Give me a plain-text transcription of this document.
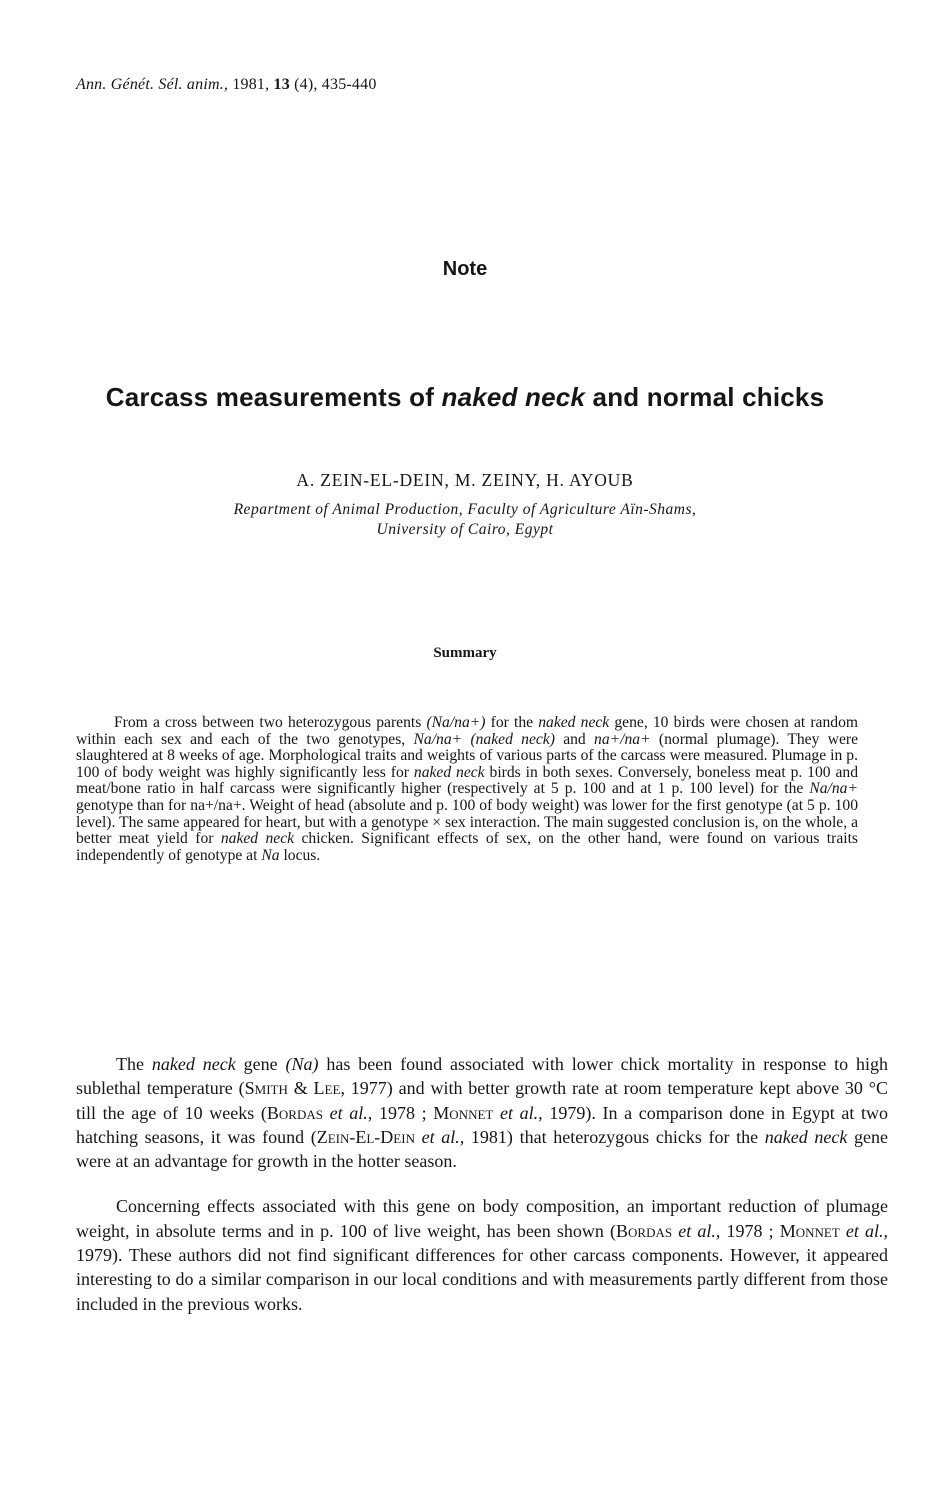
Ann. Génét. Sél. anim., 1981, 13 (4), 435-440
Note
Carcass measurements of naked neck and normal chicks
A. ZEIN-EL-DEIN, M. ZEINY, H. AYOUB
Repartment of Animal Production, Faculty of Agriculture Aïn-Shams,
University of Cairo, Egypt
Summary

From a cross between two heterozygous parents (Na/na+) for the naked neck gene, 10 birds were chosen at random within each sex and each of the two genotypes, Na/na+ (naked neck) and na+/na+ (normal plumage). They were slaughtered at 8 weeks of age. Morphological traits and weights of various parts of the carcass were measured. Plumage in p. 100 of body weight was highly significantly less for naked neck birds in both sexes. Conversely, boneless meat p. 100 and meat/bone ratio in half carcass were significantly higher (respectively at 5 p. 100 and at 1 p. 100 level) for the Na/na+ genotype than for na+/na+. Weight of head (absolute and p. 100 of body weight) was lower for the first genotype (at 5 p. 100 level). The same appeared for heart, but with a genotype × sex interaction. The main suggested conclusion is, on the whole, a better meat yield for naked neck chicken. Significant effects of sex, on the other hand, were found on various traits independently of genotype at Na locus.

The naked neck gene (Na) has been found associated with lower chick mortality in response to high sublethal temperature (Smith & Lee, 1977) and with better growth rate at room temperature kept above 30 °C till the age of 10 weeks (Bordas et al., 1978 ; Monnet et al., 1979). In a comparison done in Egypt at two hatching seasons, it was found (Zein-El-Dein et al., 1981) that heterozygous chicks for the naked neck gene were at an advantage for growth in the hotter season.

Concerning effects associated with this gene on body composition, an important reduction of plumage weight, in absolute terms and in p. 100 of live weight, has been shown (Bordas et al., 1978 ; Monnet et al., 1979). These authors did not find significant differences for other carcass components. However, it appeared interesting to do a similar comparison in our local conditions and with measurements partly different from those included in the previous works.
